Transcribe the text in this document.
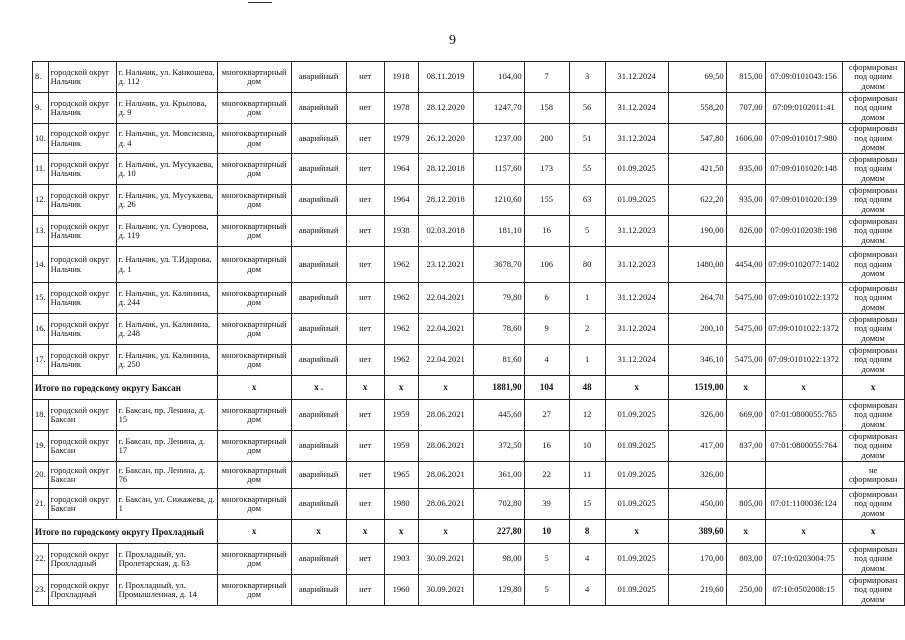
9
8.	городской округ Нальчик	г. Нальчик, ул. Канкошева, д. 112	многоквартирный дом	аварийный	нет	1918	08.11.2019	104,00	7	3	31.12.2024	69,50	815,00	07:09:0101043:156	сформирован под одним домом
9.	городской округ Нальчик	г. Нальчик, ул. Крылова, д. 9	многоквартирный дом	аварийный	нет	1978	28.12.2020	1247,70	158	56	31.12.2024	558,20	707,00	07:09:0102011:41	сформирован под одним домом
10.	городской округ Нальчик	г. Нальчик, ул. Мовсисяна, д. 4	многоквартирный дом	аварийный	нет	1979	26.12.2020	1237,00	200	51	31.12.2024	547,80	1606,00	07:09:0101017:980	сформирован под одним домом
11.	городской округ Нальчик	г. Нальчик, ул. Мусукаева, д. 10	многоквартирный дом	аварийный	нет	1964	28.12.2018	1157,60	173	55	01.09.2025	421,50	935,00	07:09:0101020:148	сформирован под одним домом
12.	городской округ Нальчик	г. Нальчик, ул. Мусукаева, д. 26	многоквартирный дом	аварийный	нет	1964	28.12.2018	1210,60	155	63	01.09.2025	622,20	935,00	07:09:0101020:139	сформирован под одним домом
13.	городской округ Нальчик	г. Нальчик, ул. Суворова, д. 119	многоквартирный дом	аварийный	нет	1938	02.03.2018	181,10	16	5	31.12.2023	190,00	826,00	07:09:0102038:198	сформирован под одним домом
14.	городской округ Нальчик	г. Нальчик, ул. Т.Идарова, д. 1	многоквартирный дом	аварийный	нет	1962	23.12.2021	3678,70	106	80	31.12.2023	1480,00	4454,00	07:09:0102077:1402	сформирован под одним домом
15.	городской округ Нальчик	г. Нальчик, ул. Калинина, д. 244	многоквартирный дом	аварийный	нет	1962	22.04.2021	79,80	6	1	31.12.2024	264,70	5475,00	07:09:0101022:1372	сформирован под одним домом
16.	городской округ Нальчик	г. Нальчик, ул. Калинина, д. 248	многоквартирный дом	аварийный	нет	1962	22.04.2021	78,60	9	2	31.12.2024	200,10	5475,00	07:09:0101022:1372	сформирован под одним домом
17.	городской округ Нальчик	г. Нальчик, ул. Калинина, д. 250	многоквартирный дом	аварийный	нет	1962	22.04.2021	81,60	4	1	31.12.2024	346,10	5475,00	07:09:0101022:1372	сформирован под одним домом
Итого по городскому округу Баксан			x	x .	x	x	x	1881,90	104	48	x	1519,00	x	x	x
18.	городской округ Баксан	г. Баксан, пр. Ленина, д. 15	многоквартирный дом	аварийный	нет	1959	28.06.2021	445,60	27	12	01.09.2025	326,00	669,00	07:01:0800055:765	сформирован под одним домом
19.	городской округ Баксан	г. Баксан, пр. Ленина, д. 17	многоквартирный дом	аварийный	нет	1959	28.06.2021	372,50	16	10	01.09.2025	417,00	837,00	07:01:0800055:764	сформирован под одним домом
20.	городской округ Баксан	г. Баксан, пр. Ленина, д. 76	многоквартирный дом	аварийный	нет	1965	28.06.2021	361,00	22	11	01.09.2025	326,00			не сформирован
21.	городской округ Баксан	г. Баксан, ул. Сижажева, д. 1	многоквартирный дом	аварийный	нет	1980	28.06.2021	702,80	39	15	01.09.2025	450,00	805,00	07:01:1100036:124	сформирован под одним домом
Итого по городскому округу Прохладный			x	x	x	x	x	227,80	10	8	x	389,60	x	x	x
22.	городской округ Прохладный	г. Прохладный, ул. Пролетарская, д. 63	многоквартирный дом	аварийный	нет	1903	30.09.2021	98,00	5	4	01.09.2025	170,00	803,00	07:10:0203004:75	сформирован под одним домом
23.	городской округ Прохладный	г. Прохладный, ул. Промышленная, д. 14	многоквартирный дом	аварийный	нет	1960	30.09.2021	129,80	5	4	01.09.2025	219,60	250,00	07:10:0502008:15	сформирован под одним домом
